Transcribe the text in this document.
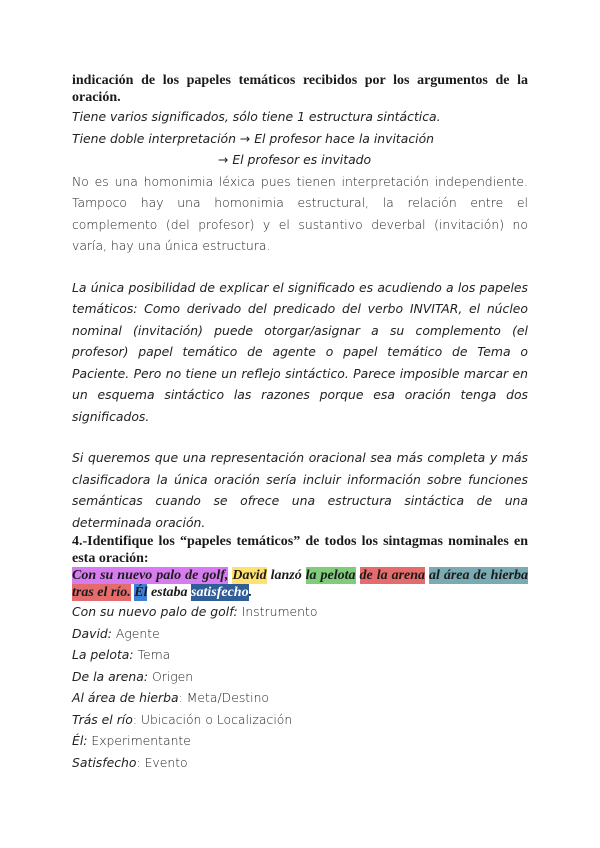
indicación de los papeles temáticos recibidos por los argumentos de la oración.

Tiene varios significados, sólo tiene 1 estructura sintáctica.

Tiene doble interpretación → El profesor hace la invitación

→ El profesor es invitado

No es una homonimia léxica pues tienen interpretación independiente. Tampoco hay una homonimia estructural, la relación entre el complemento (del profesor) y el sustantivo deverbal (invitación) no varía, hay una única estructura.

La única posibilidad de explicar el significado es acudiendo a los papeles temáticos: Como derivado del predicado del verbo INVITAR, el núcleo nominal (invitación) puede otorgar/asignar a su complemento (el profesor) papel temático de agente o papel temático de Tema o Paciente. Pero no tiene un reflejo sintáctico. Parece imposible marcar en un esquema sintáctico las razones porque esa oración tenga dos significados.

Si queremos que una representación oracional sea más completa y más clasificadora la única oración sería incluir información sobre funciones semánticas cuando se ofrece una estructura sintáctica de una determinada oración.

4.-Identifique los “papeles temáticos” de todos los sintagmas nominales en esta oración:

Con su nuevo palo de golf, David lanzó la pelota de la arena al área de hierba tras el río. Él estaba satisfecho.

Con su nuevo palo de golf: Instrumento

David: Agente

La pelota: Tema

De la arena: Origen

Al área de hierba: Meta/Destino

Trás el río: Ubicación o Localización

Él: Experimentante

Satisfecho: Evento
